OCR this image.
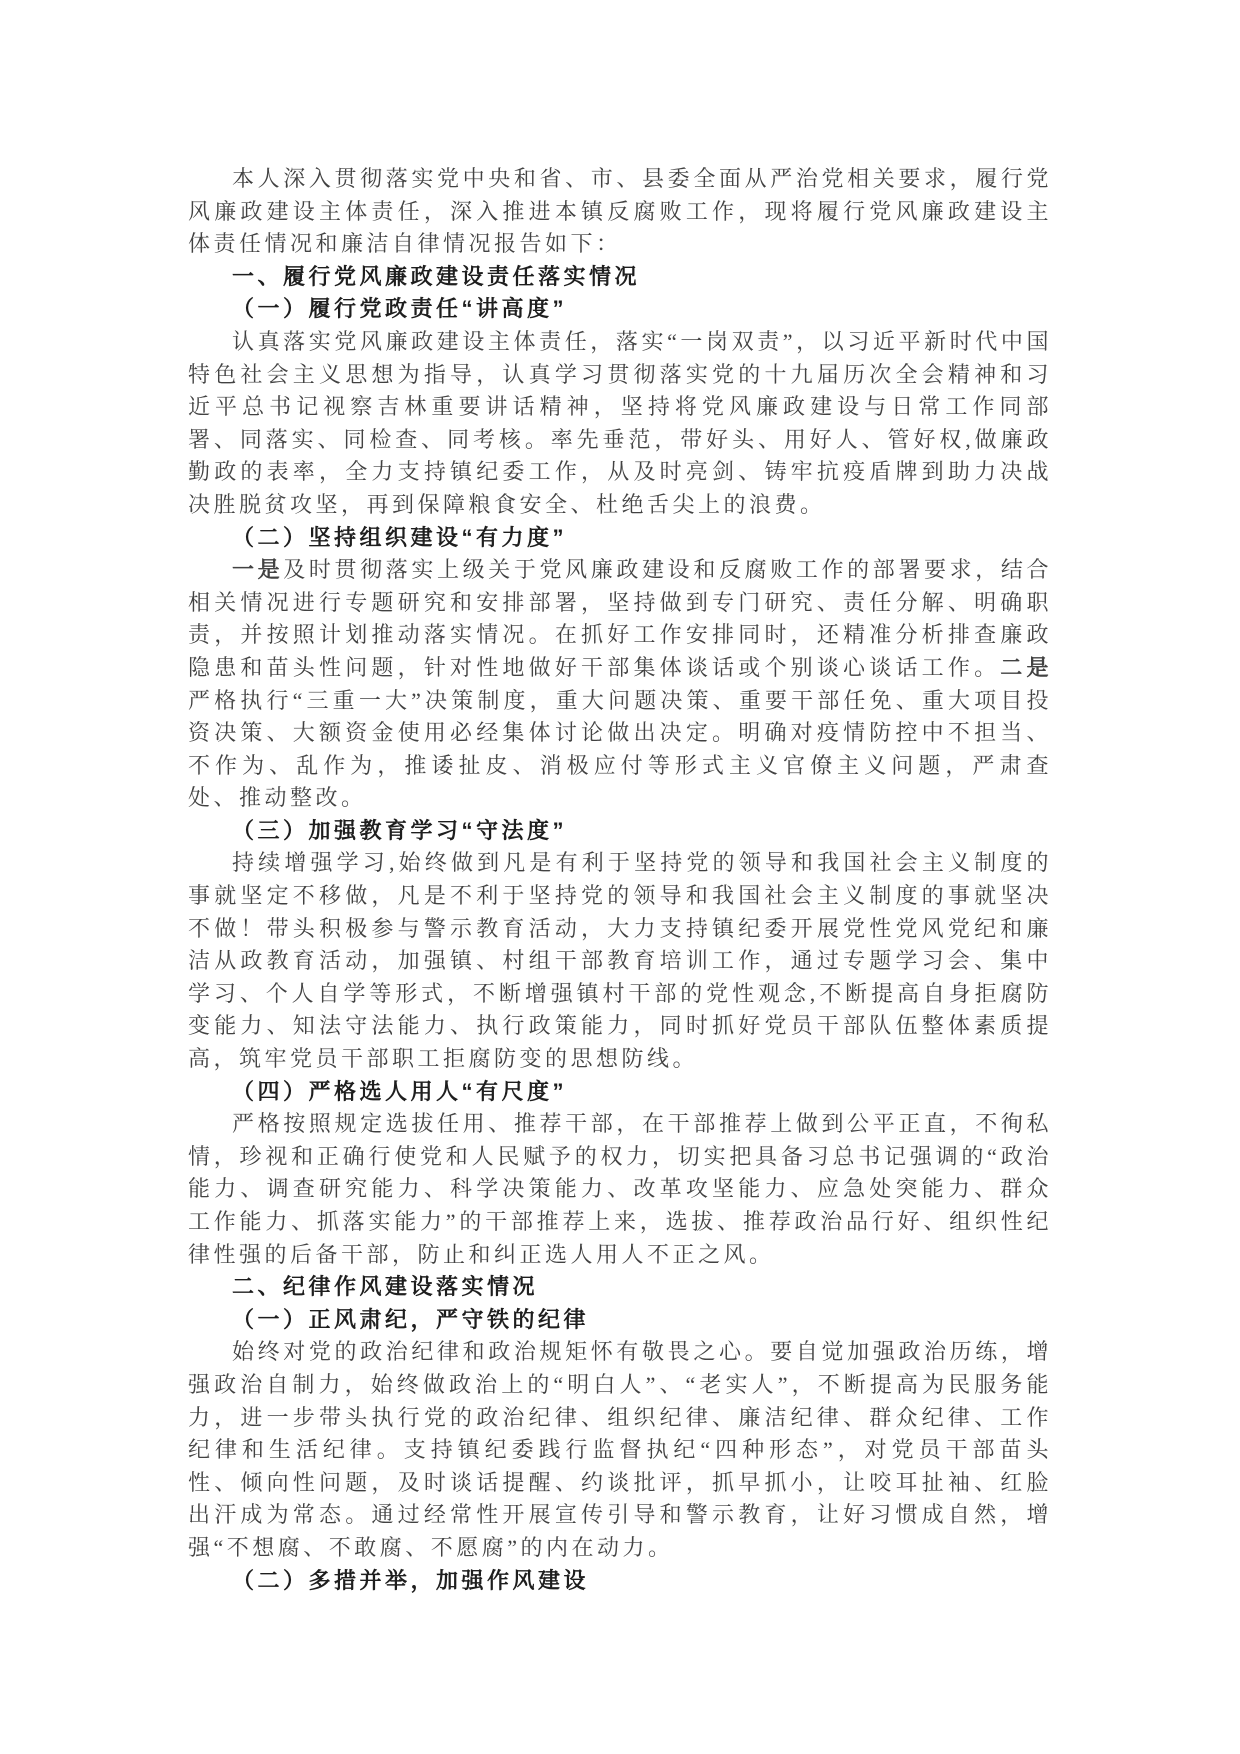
本人深入贯彻落实党中央和省、市、县委全面从严治党相关要求，履行党风廉政建设主体责任，深入推进本镇反腐败工作，现将履行党风廉政建设主体责任情况和廉洁自律情况报告如下：

一、履行党风廉政建设责任落实情况

（一）履行党政责任“讲高度”

认真落实党风廉政建设主体责任，落实“一岗双责”，以习近平新时代中国特色社会主义思想为指导，认真学习贯彻落实党的十九届历次全会精神和习近平总书记视察吉林重要讲话精神，坚持将党风廉政建设与日常工作同部署、同落实、同检查、同考核。率先垂范，带好头、用好人、管好权,做廉政勤政的表率，全力支持镇纪委工作，从及时亮剑、铸牢抗疫盾牌到助力决战决胜脱贫攻坚，再到保障粮食安全、杜绝舌尖上的浪费。

（二）坚持组织建设“有力度”

一是及时贯彻落实上级关于党风廉政建设和反腐败工作的部署要求，结合相关情况进行专题研究和安排部署，坚持做到专门研究、责任分解、明确职责，并按照计划推动落实情况。在抓好工作安排同时，还精准分析排查廉政隐患和苗头性问题，针对性地做好干部集体谈话或个别谈心谈话工作。二是严格执行“三重一大”决策制度，重大问题决策、重要干部任免、重大项目投资决策、大额资金使用必经集体讨论做出决定。明确对疫情防控中不担当、不作为、乱作为，推诿扯皮、消极应付等形式主义官僚主义问题，严肃查处、推动整改。

（三）加强教育学习“守法度”

持续增强学习,始终做到凡是有利于坚持党的领导和我国社会主义制度的事就坚定不移做，凡是不利于坚持党的领导和我国社会主义制度的事就坚决不做！带头积极参与警示教育活动，大力支持镇纪委开展党性党风党纪和廉洁从政教育活动，加强镇、村组干部教育培训工作，通过专题学习会、集中学习、个人自学等形式，不断增强镇村干部的党性观念,不断提高自身拒腐防变能力、知法守法能力、执行政策能力，同时抓好党员干部队伍整体素质提高，筑牢党员干部职工拒腐防变的思想防线。

（四）严格选人用人“有尺度”

严格按照规定选拔任用、推荐干部，在干部推荐上做到公平正直，不徇私情，珍视和正确行使党和人民赋予的权力，切实把具备习总书记强调的“政治能力、调查研究能力、科学决策能力、改革攻坚能力、应急处突能力、群众工作能力、抓落实能力”的干部推荐上来，选拔、推荐政治品行好、组织性纪律性强的后备干部，防止和纠正选人用人不正之风。

二、纪律作风建设落实情况

（一）正风肃纪，严守铁的纪律

始终对党的政治纪律和政治规矩怀有敬畏之心。要自觉加强政治历练，增强政治自制力，始终做政治上的“明白人”、“老实人”，不断提高为民服务能力，进一步带头执行党的政治纪律、组织纪律、廉洁纪律、群众纪律、工作纪律和生活纪律。支持镇纪委践行监督执纪“四种形态”，对党员干部苗头性、倾向性问题，及时谈话提醒、约谈批评，抓早抓小，让咬耳扯袖、红脸出汗成为常态。通过经常性开展宣传引导和警示教育，让好习惯成自然，增强“不想腐、不敢腐、不愿腐”的内在动力。

（二）多措并举，加强作风建设
